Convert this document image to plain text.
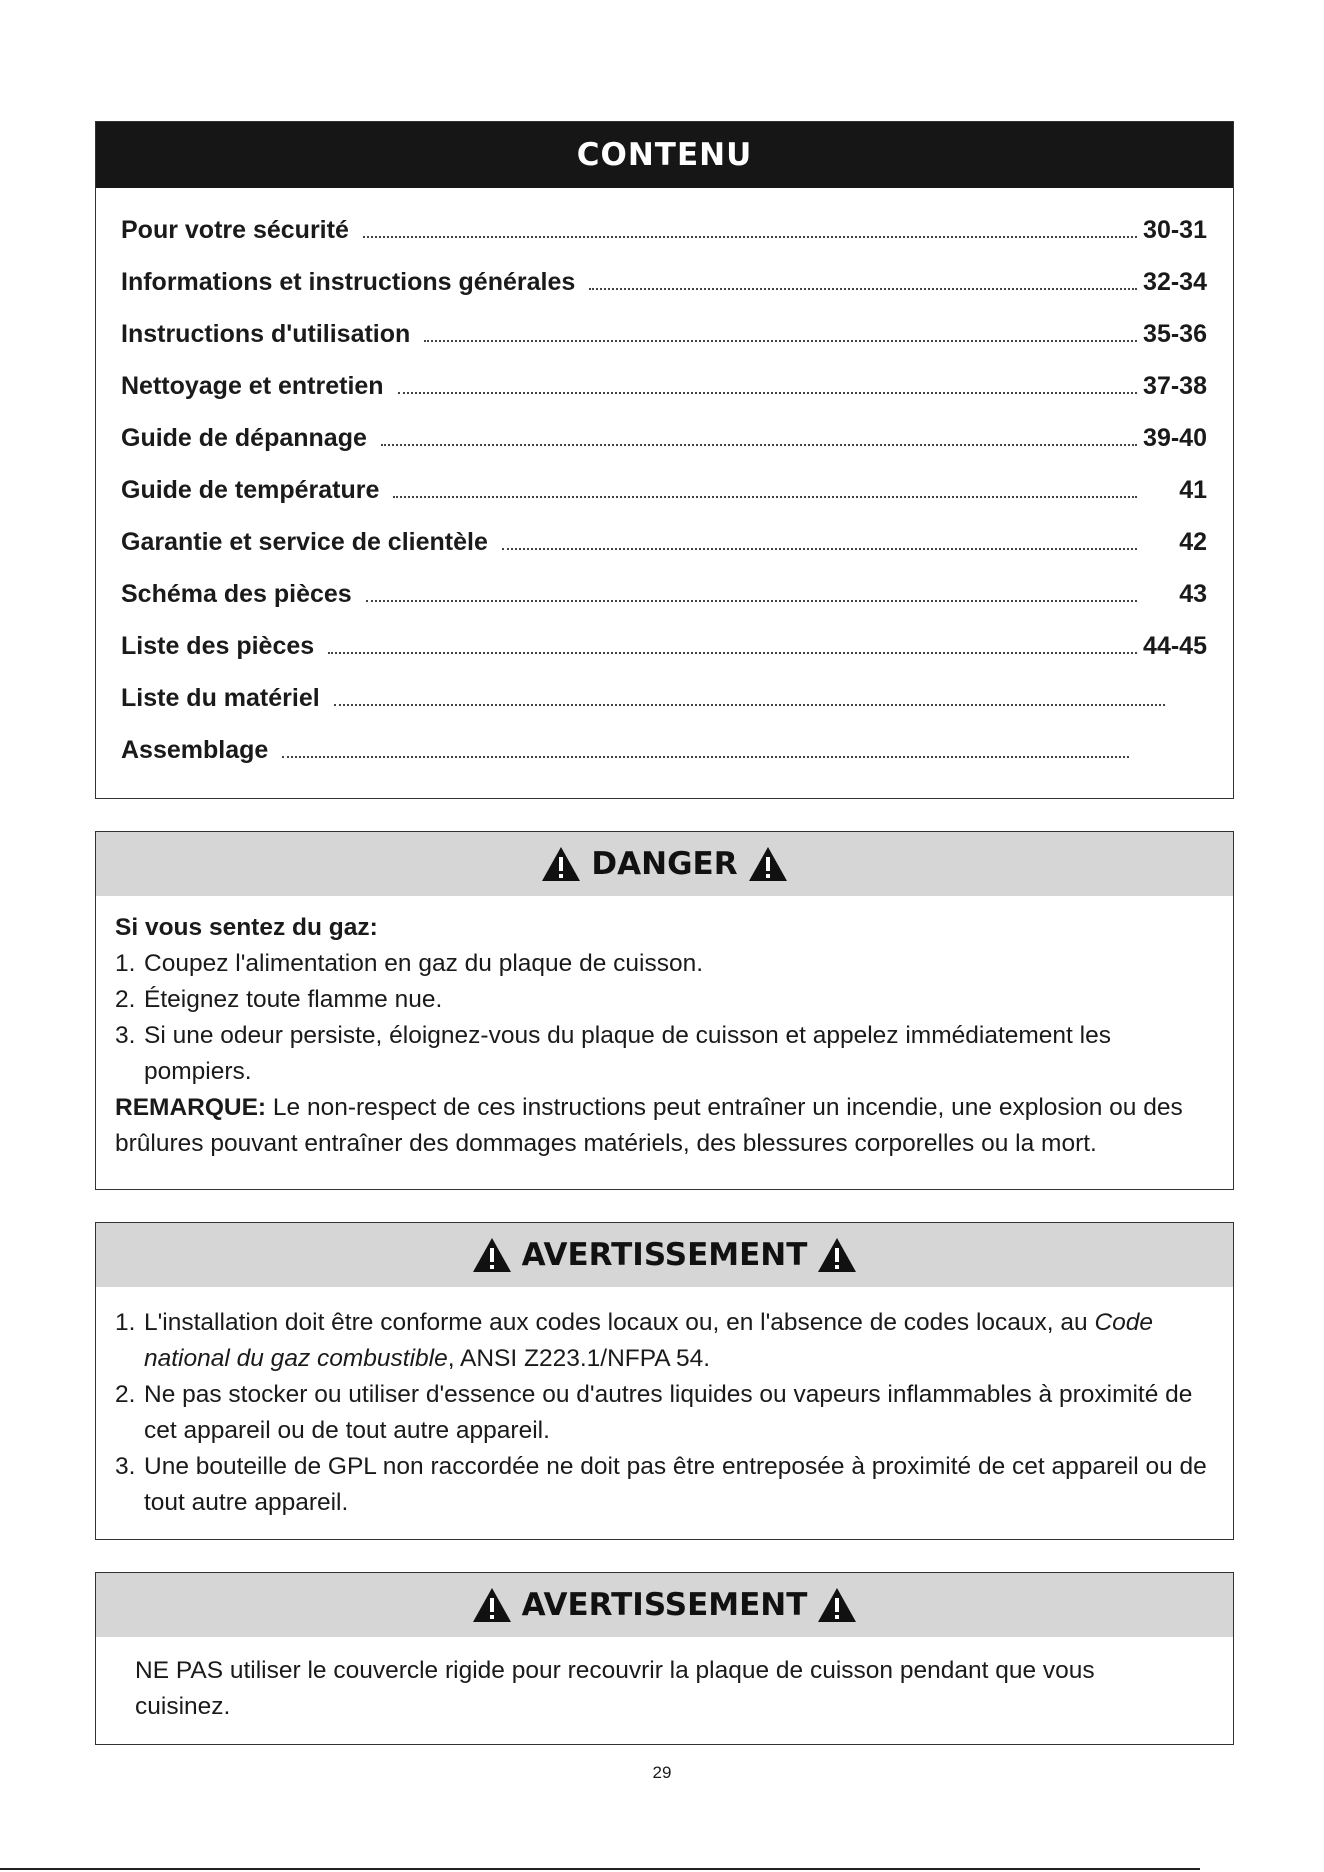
CONTENU
Pour votre sécurité	30-31
Informations et instructions générales	32-34
Instructions d'utilisation	35-36
Nettoyage et entretien	37-38
Guide de dépannage	39-40
Guide de température	41
Garantie et service de clientèle	42
Schéma des pièces	43
Liste des pièces	44-45
Liste du matériel
Assemblage
DANGER
Si vous sentez du gaz:
1. Coupez l'alimentation en gaz du plaque de cuisson.
2. Éteignez toute flamme nue.
3. Si une odeur persiste, éloignez-vous du plaque de cuisson et appelez immédiatement les pompiers.
REMARQUE: Le non-respect de ces instructions peut entraîner un incendie, une explosion ou des brûlures pouvant entraîner des dommages matériels, des blessures corporelles ou la mort.
AVERTISSEMENT
1. L'installation doit être conforme aux codes locaux ou, en l'absence de codes locaux, au Code national du gaz combustible, ANSI Z223.1/NFPA 54.
2. Ne pas stocker ou utiliser d'essence ou d'autres liquides ou vapeurs inflammables à proximité de cet appareil ou de tout autre appareil.
3. Une bouteille de GPL non raccordée ne doit pas être entreposée à proximité de cet appareil ou de tout autre appareil.
AVERTISSEMENT
NE PAS utiliser le couvercle rigide pour recouvrir la plaque de cuisson pendant que vous cuisinez.
29
